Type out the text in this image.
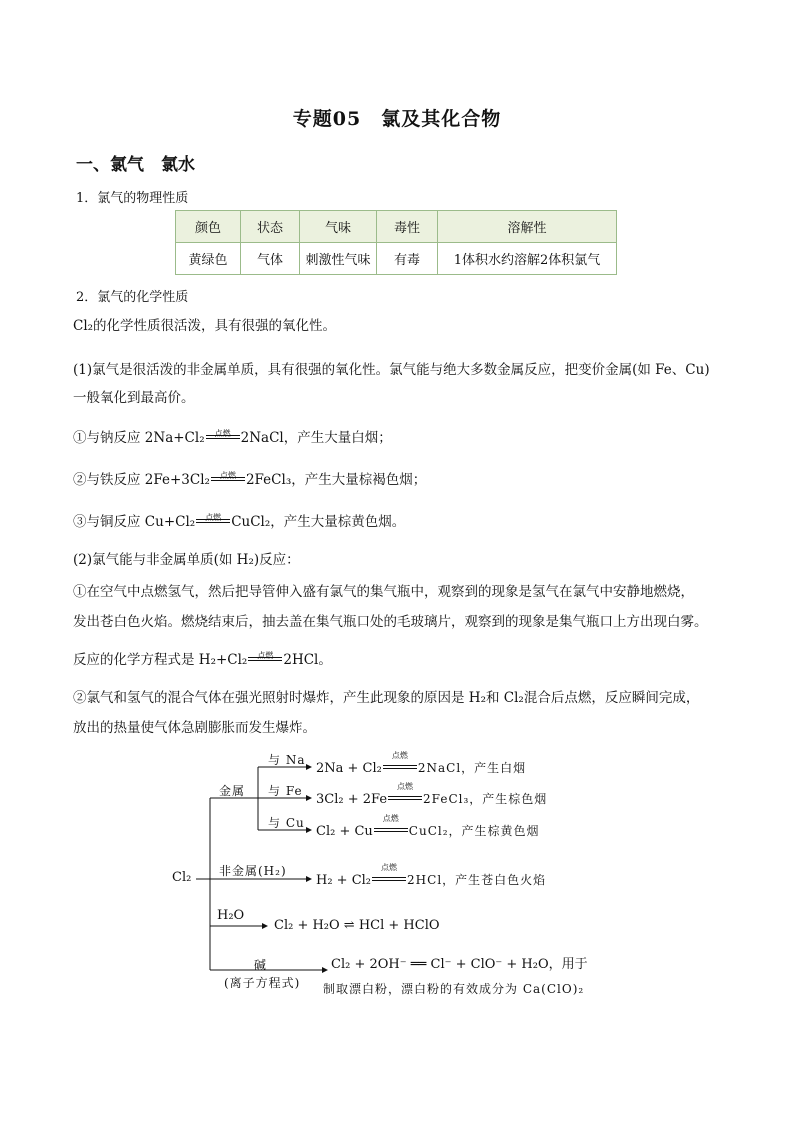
专题05　氯及其化合物
一、氯气　氯水
1．氯气的物理性质
颜色	状态	气味	毒性	溶解性
黄绿色	气体	刺激性气味	有毒	1体积水约溶解2体积氯气
2．氯气的化学性质
Cl₂的化学性质很活泼，具有很强的氧化性。
(1)氯气是很活泼的非金属单质，具有很强的氧化性。氯气能与绝大多数金属反应，把变价金属(如 Fe、Cu)
一般氧化到最高价。
①与钠反应 2Na+Cl₂	点燃 2NaCl，产生大量白烟；
②与铁反应 2Fe+3Cl₂	点燃 2FeCl₃，产生大量棕褐色烟；
③与铜反应 Cu+Cl₂	点燃 CuCl₂，产生大量棕黄色烟。
(2)氯气能与非金属单质(如 H₂)反应：
①在空气中点燃氢气，然后把导管伸入盛有氯气的集气瓶中，观察到的现象是氢气在氯气中安静地燃烧，
发出苍白色火焰。燃烧结束后，抽去盖在集气瓶口处的毛玻璃片，观察到的现象是集气瓶口上方出现白雾。
反应的化学方程式是 H₂+Cl₂	点燃 2HCl。
②氯气和氢气的混合气体在强光照射时爆炸，产生此现象的原因是 H₂和 Cl₂混合后点燃，反应瞬间完成，
放出的热量使气体急剧膨胀而发生爆炸。
Cl₂
金属
与 Na
与 Fe
与 Cu
2Na + Cl₂
点燃
2NaCl，产生白烟
3Cl₂ + 2Fe
点燃
2FeCl₃，产生棕色烟
Cl₂ + Cu
点燃
CuCl₂，产生棕黄色烟
非金属(H₂)
H₂ + Cl₂
点燃
2HCl，产生苍白色火焰
H₂O
Cl₂ + H₂O ⇌ HCl + HClO
碱
(离子方程式)
Cl₂ + 2OH⁻ ══ Cl⁻ + ClO⁻ + H₂O，用于
制取漂白粉，漂白粉的有效成分为 Ca(ClO)₂
